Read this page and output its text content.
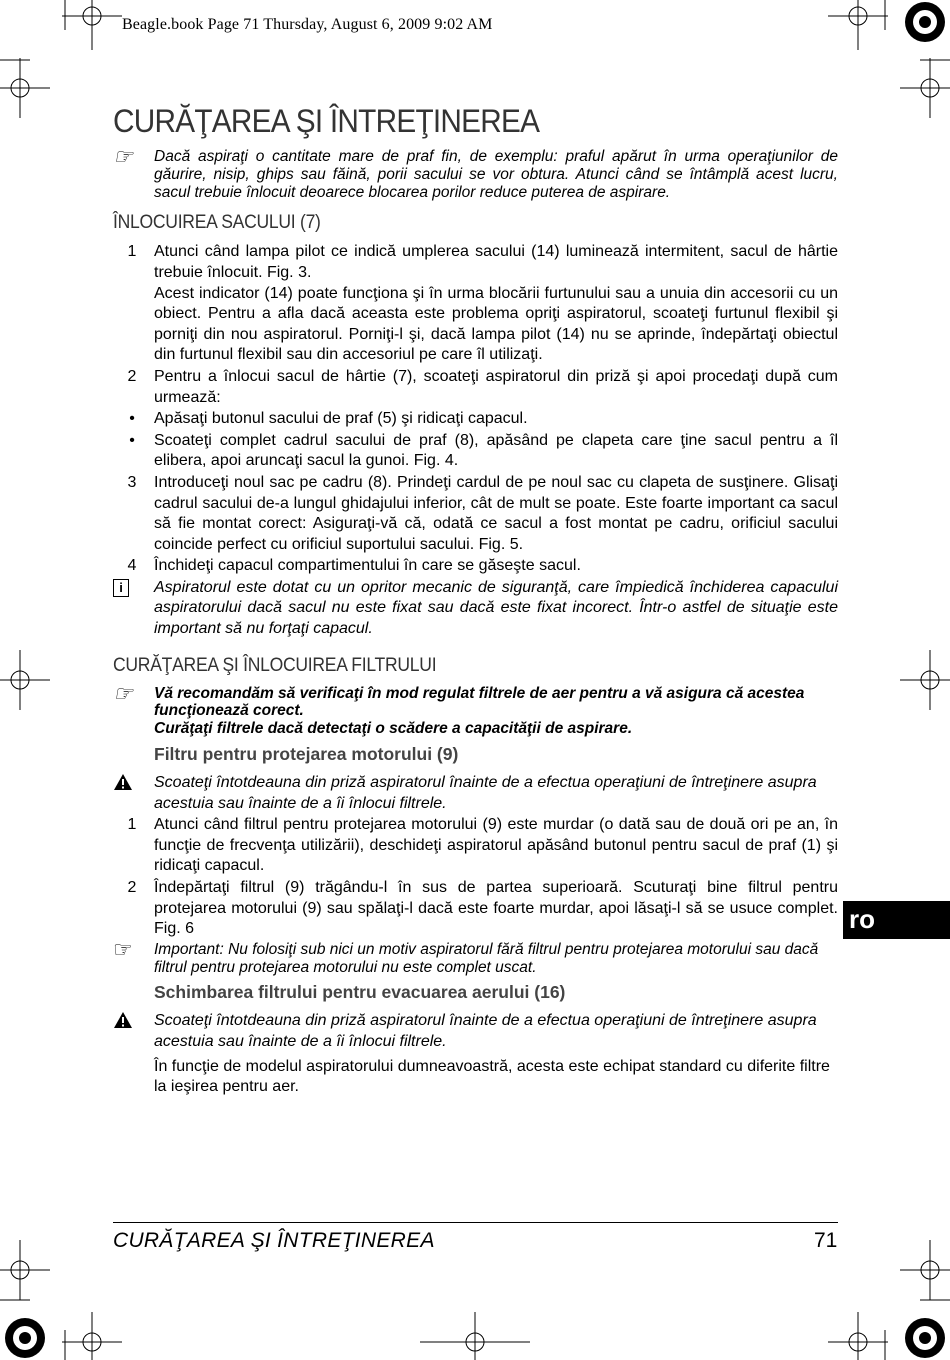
Beagle.book Page 71 Thursday, August 6, 2009 9:02 AM
CURĂŢAREA ŞI ÎNTREŢINEREA
☞	Dacă aspiraţi o cantitate mare de praf fin, de exemplu: praful apărut în urma operaţiunilor de găurire, nisip, ghips sau făină, porii sacului se vor obtura. Atunci când se întâmplă acest lucru, sacul trebuie înlocuit deoarece blocarea porilor reduce puterea de aspirare.
ÎNLOCUIREA SACULUI (7)
1	Atunci când lampa pilot ce indică umplerea sacului (14) luminează intermitent, sacul de hârtie trebuie înlocuit. Fig. 3.
Acest indicator (14) poate funcţiona şi în urma blocării furtunului sau a unuia din accesorii cu un obiect. Pentru a afla dacă aceasta este problema opriţi aspiratorul, scoateţi furtunul flexibil şi porniţi din nou aspiratorul. Porniţi-l şi, dacă lampa pilot (14) nu se aprinde, îndepărtaţi obiectul din furtunul flexibil sau din accesoriul pe care îl utilizaţi.
2	Pentru a înlocui sacul de hârtie (7), scoateţi aspiratorul din priză şi apoi procedaţi după cum urmează:
•	Apăsaţi butonul sacului de praf (5) şi ridicaţi capacul.
•	Scoateţi complet cadrul sacului de praf (8), apăsând pe clapeta care ţine sacul pentru a îl elibera, apoi aruncaţi sacul la gunoi. Fig. 4.
3	Introduceţi noul sac pe cadru (8). Prindeţi cardul de pe noul sac cu clapeta de susţinere. Glisaţi cadrul sacului de-a lungul ghidajului inferior, cât de mult se poate. Este foarte important ca sacul să fie montat corect: Asiguraţi-vă că, odată ce sacul a fost montat pe cadru, orificiul sacului coincide perfect cu orificiul suportului sacului. Fig. 5.
4	Închideţi capacul compartimentului în care se găseşte sacul.
i	Aspiratorul este dotat cu un opritor mecanic de siguranţă, care împiedică închiderea capacului aspiratorului dacă sacul nu este fixat sau dacă este fixat incorect. Într-o astfel de situaţie este important să nu forţaţi capacul.
CURĂŢAREA ŞI ÎNLOCUIREA FILTRULUI
☞	Vă recomandăm să verificaţi în mod regulat filtrele de aer pentru a vă asigura că acestea funcţionează corect.
Curăţaţi filtrele dacă detectaţi o scădere a capacităţii de aspirare.
Filtru pentru protejarea motorului (9)
Scoateţi întotdeauna din priză aspiratorul înainte de a efectua operaţiuni de întreţinere asupra acestuia sau înainte de a îi înlocui filtrele.
1	Atunci când filtrul pentru protejarea motorului (9) este murdar (o dată sau de două ori pe an, în funcţie de frecvenţa utilizării), deschideţi aspiratorul apăsând butonul pentru sacul de praf (1) şi ridicaţi capacul.
2	Îndepărtaţi filtrul (9) trăgându-l în sus de partea superioară. Scuturaţi bine filtrul pentru protejarea motorului (9) sau spălaţi-l dacă este foarte murdar, apoi lăsaţi-l să se usuce complet. Fig. 6
☞	Important: Nu folosiţi sub nici un motiv aspiratorul fără filtrul pentru protejarea motorului sau dacă filtrul pentru protejarea motorului nu este complet uscat.
Schimbarea filtrului pentru evacuarea aerului (16)
Scoateţi întotdeauna din priză aspiratorul înainte de a efectua operaţiuni de întreţinere asupra acestuia sau înainte de a îi înlocui filtrele.
În funcţie de modelul aspiratorului dumneavoastră, acesta este echipat standard cu diferite filtre la ieşirea pentru aer.
ro
CURĂŢAREA ŞI ÎNTREŢINEREA	71
